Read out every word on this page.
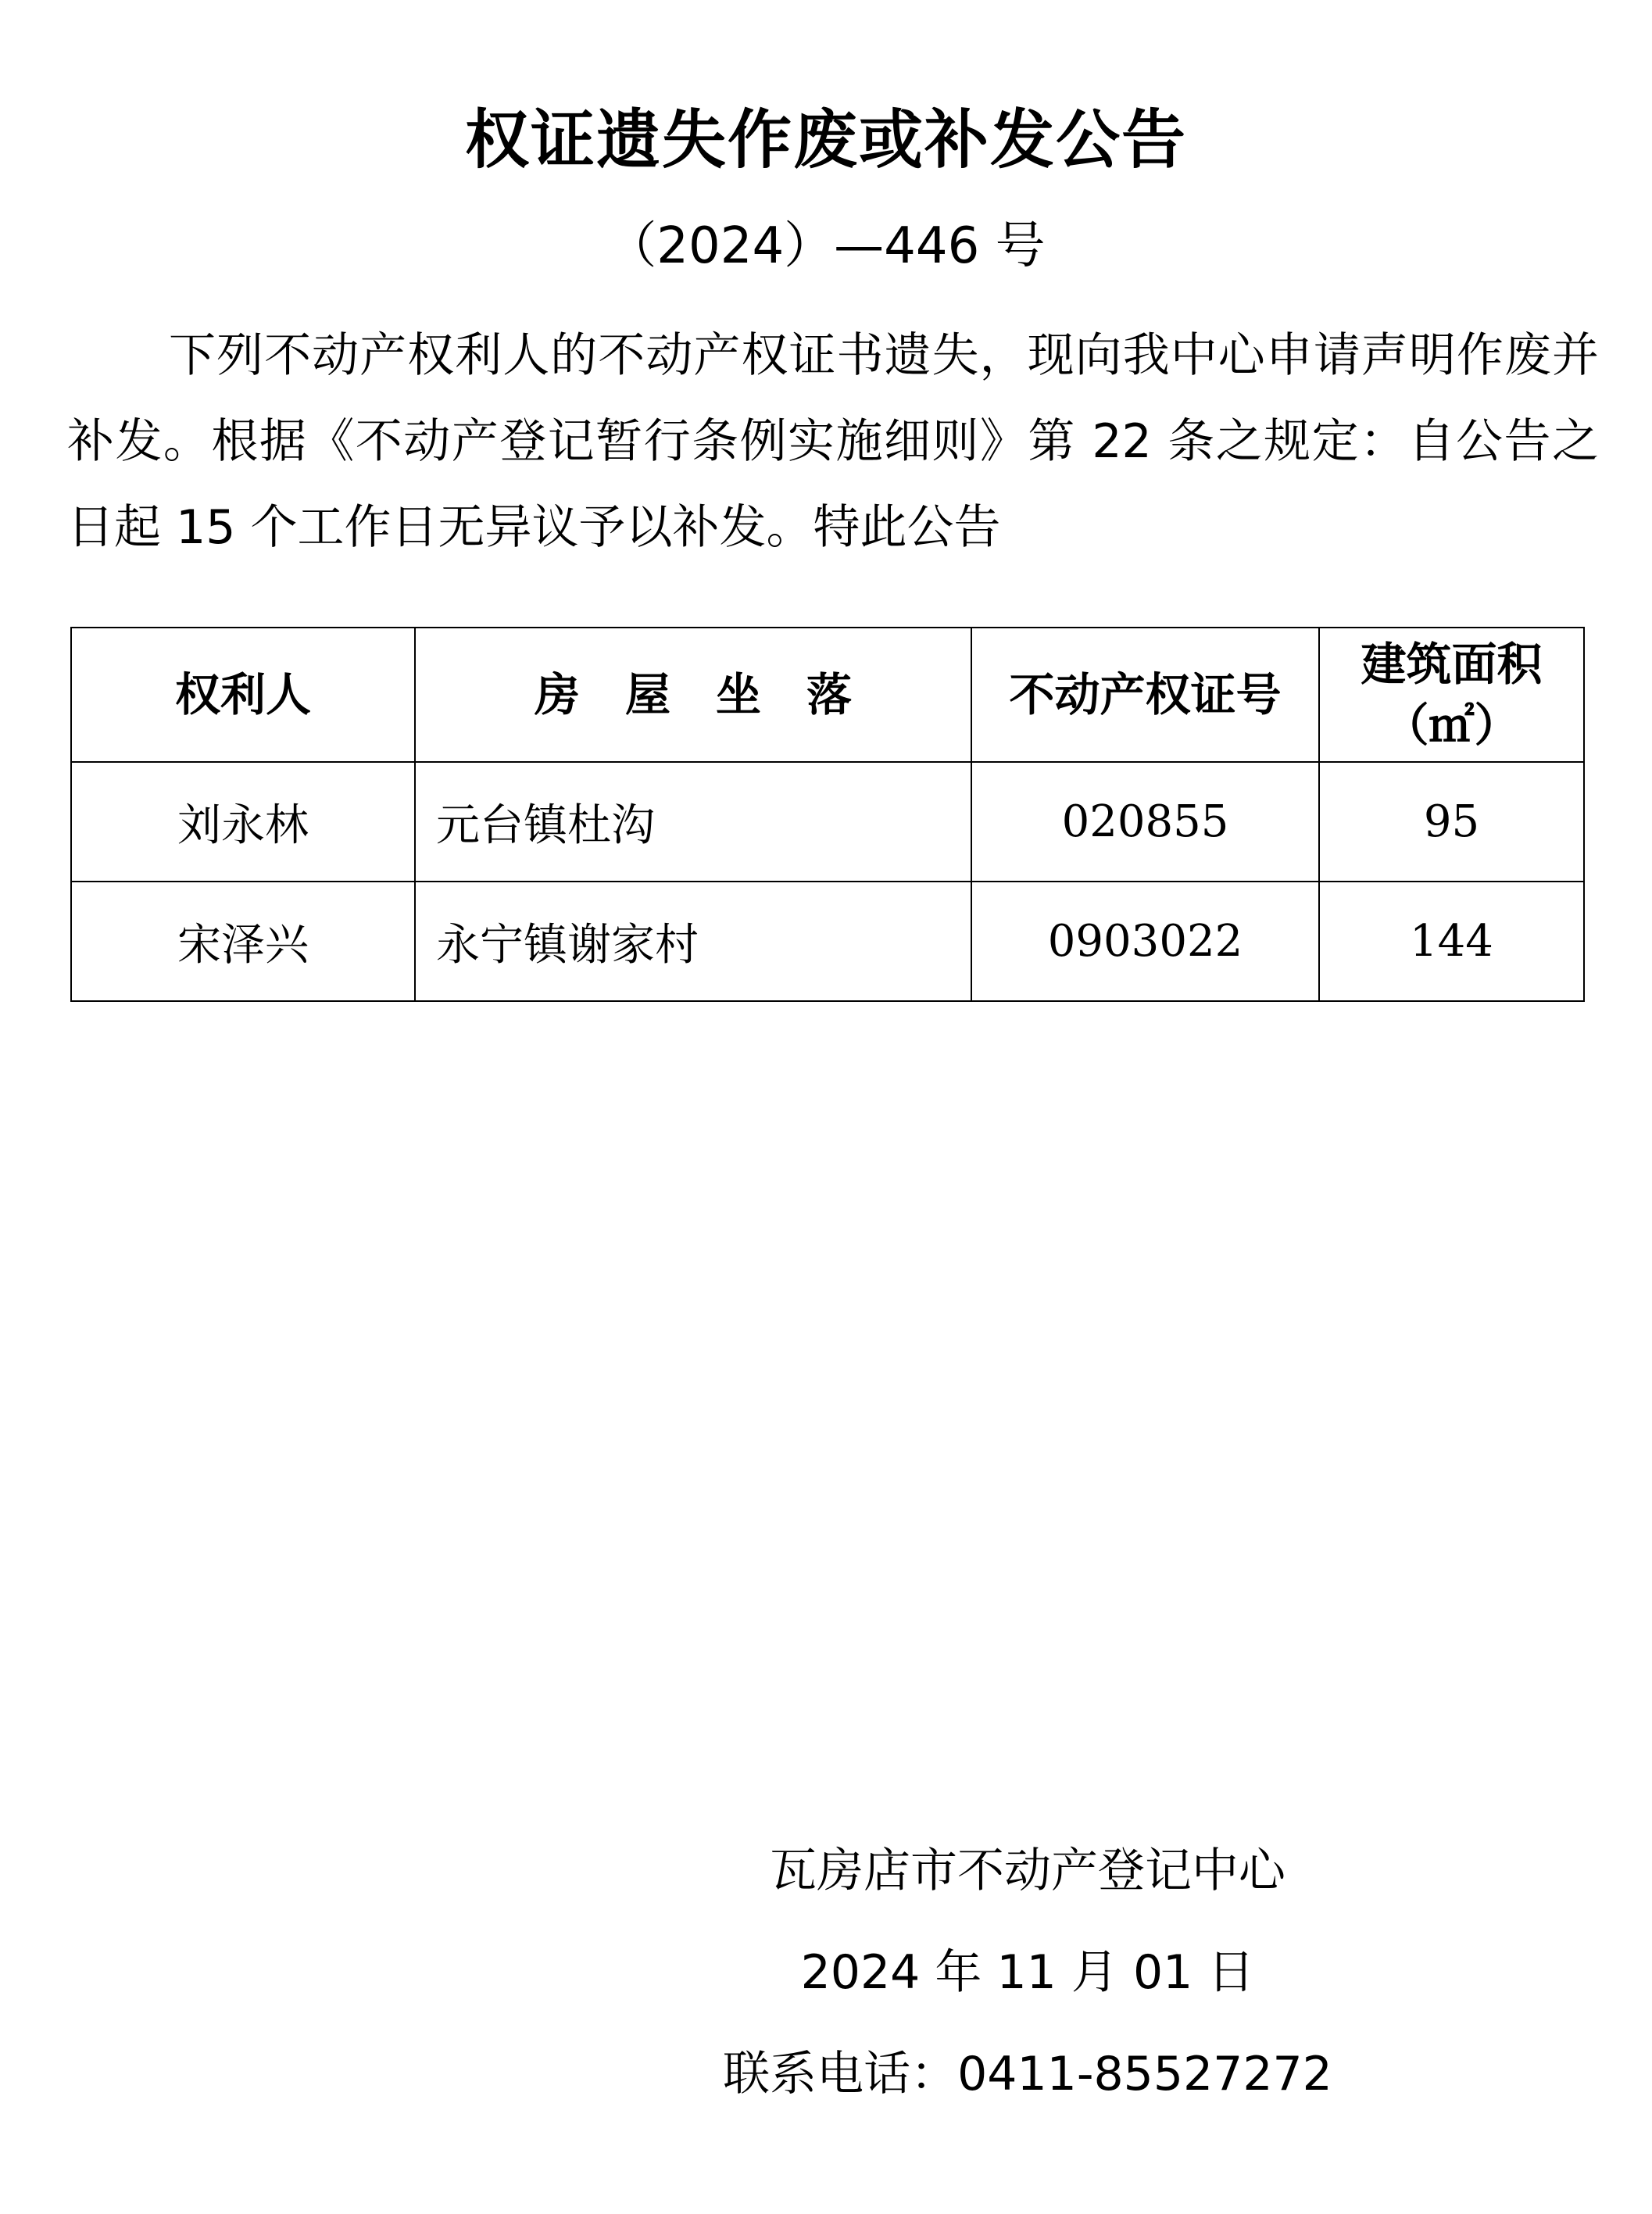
权证遗失作废或补发公告
（2024）—446 号
下列不动产权利人的不动产权证书遗失，现向我中心申请声明作废并补发。根据《不动产登记暂行条例实施细则》第 22 条之规定：自公告之日起 15 个工作日无异议予以补发。特此公告
权利人	房　屋　坐　落	不动产权证号	建筑面积
（㎡）

刘永林	元台镇杜沟	020855	95
宋泽兴	永宁镇谢家村	0903022	144
瓦房店市不动产登记中心
2024 年 11 月 01 日
联系电话：0411-85527272
